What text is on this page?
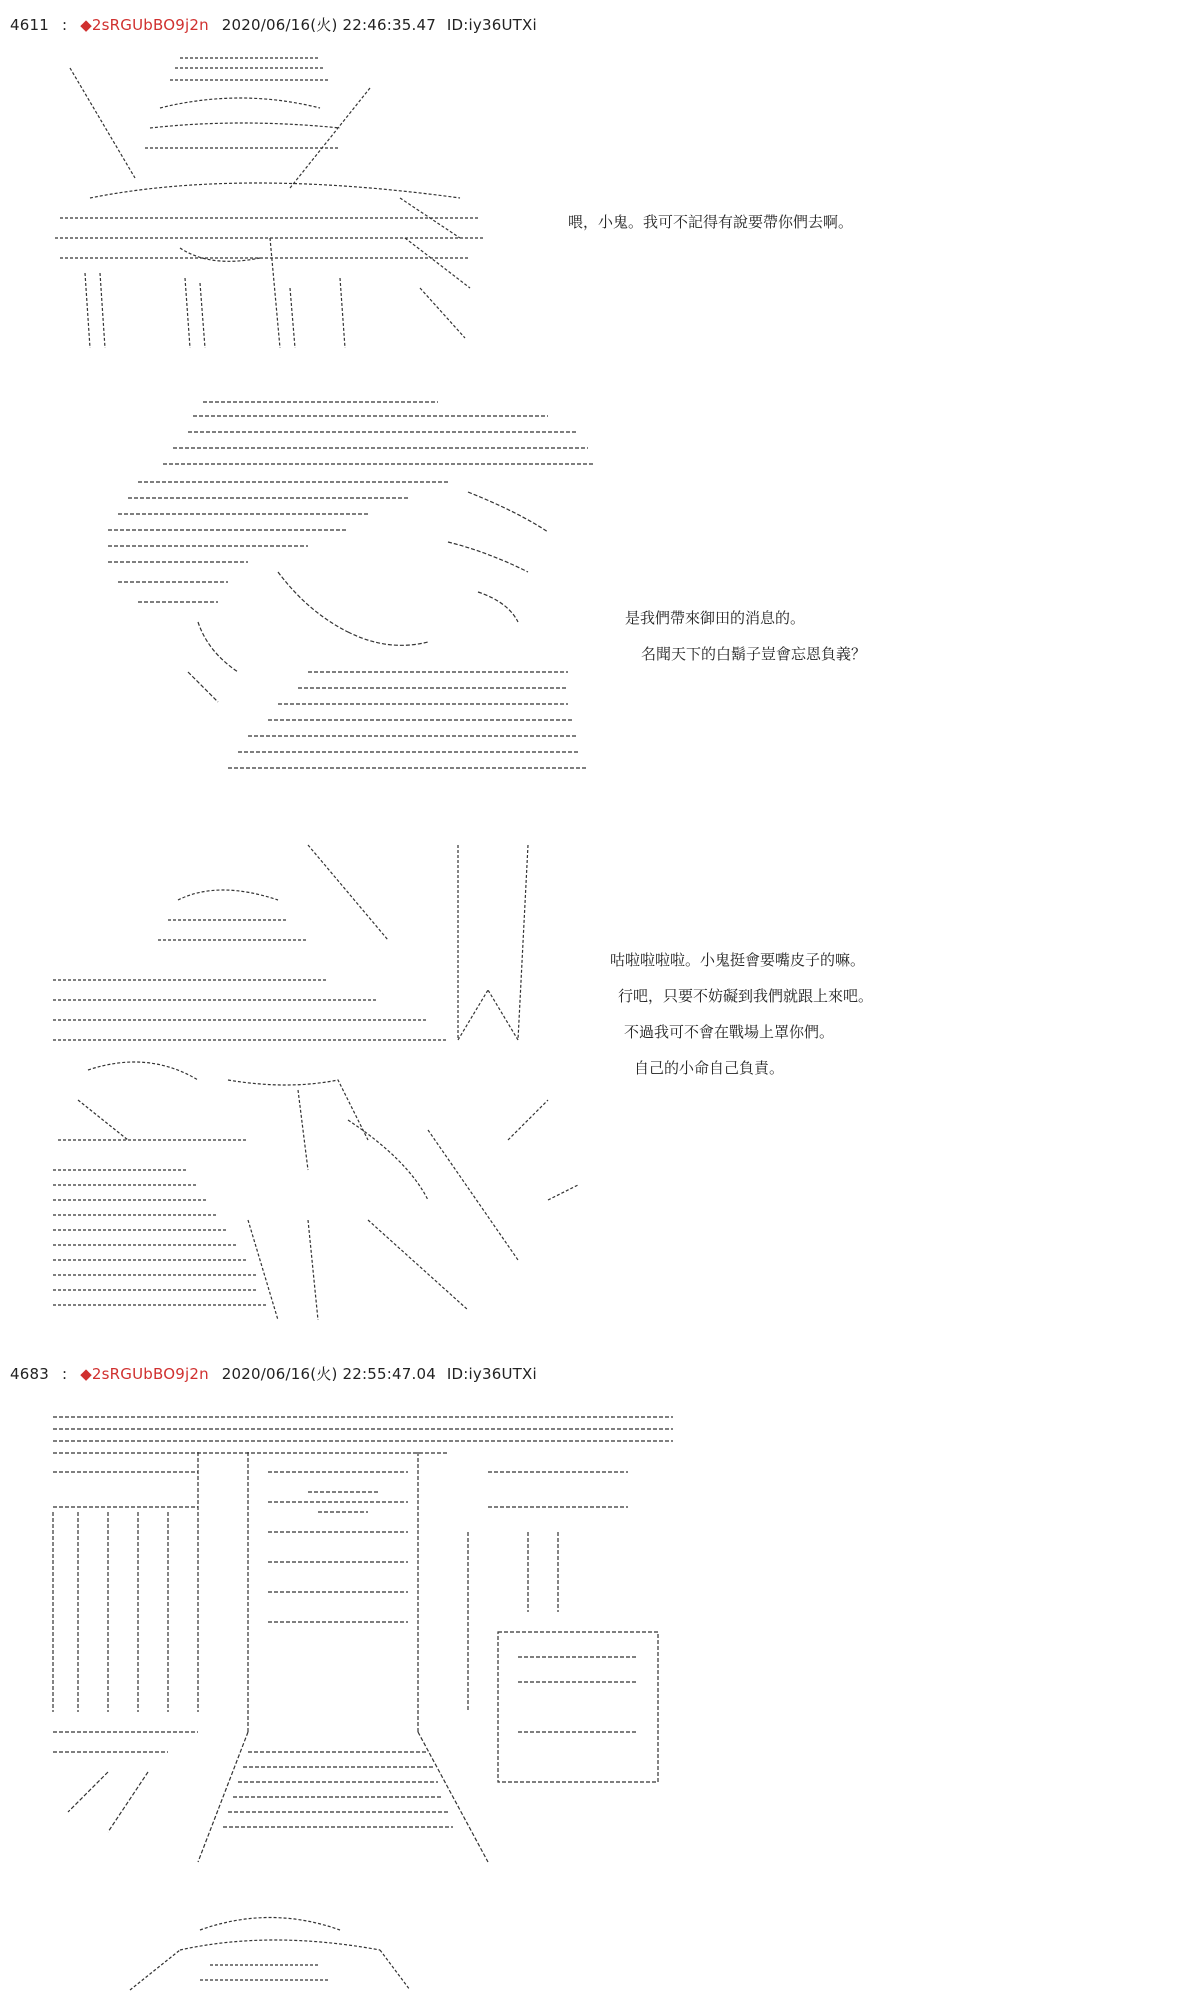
4611 : ◆2sRGUbBO9j2n 2020/06/16(火) 22:46:35.47 ID:iy36UTXi
喂，小鬼。我可不記得有說要帶你們去啊。
是我們帶來御田的消息的。
名聞天下的白鬍子豈會忘恩負義？
咕啦啦啦啦。小鬼挺會要嘴皮子的嘛。
行吧，只要不妨礙到我們就跟上來吧。
不過我可不會在戰場上罩你們。
自己的小命自己負責。
4683 : ◆2sRGUbBO9j2n 2020/06/16(火) 22:55:47.04 ID:iy36UTXi
